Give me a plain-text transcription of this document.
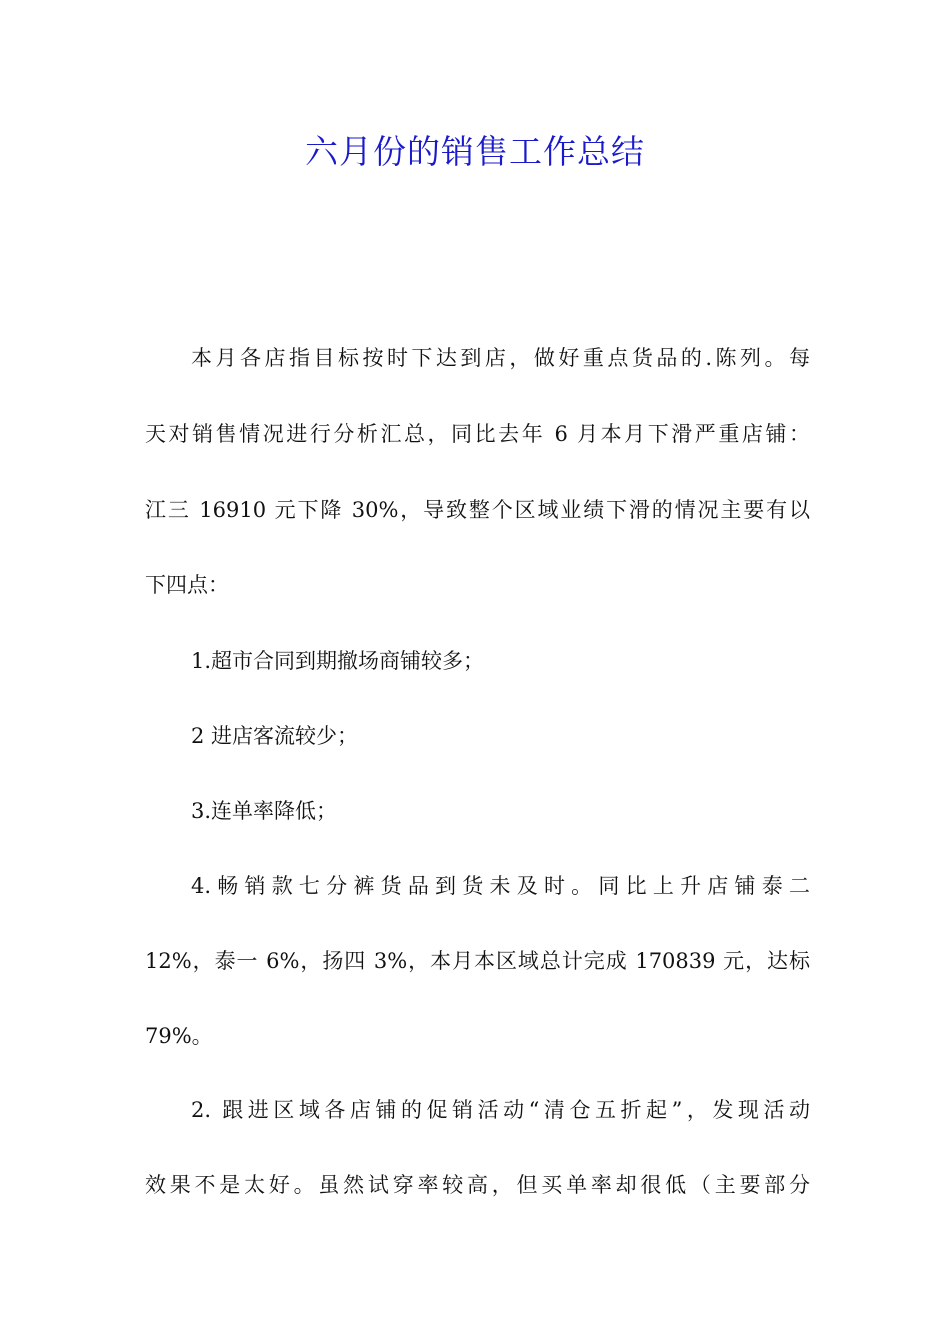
六月份的销售工作总结
本月各店指目标按时下达到店，做好重点货品的.陈列。每
天对销售情况进行分析汇总，同比去年 6 月本月下滑严重店铺：
江三 16910 元下降 30%，导致整个区域业绩下滑的情况主要有以
下四点：
1.超市合同到期撤场商铺较多；
2 进店客流较少；
3.连单率降低；
4.畅销款七分裤货品到货未及时。同比上升店铺泰二
12%，泰一 6%，扬四 3%，本月本区域总计完成 170839 元，达标
79%。
2. 跟进区域各店铺的促销活动“清仓五折起”，发现活动
效果不是太好。虽然试穿率较高，但买单率却很低（主要部分
